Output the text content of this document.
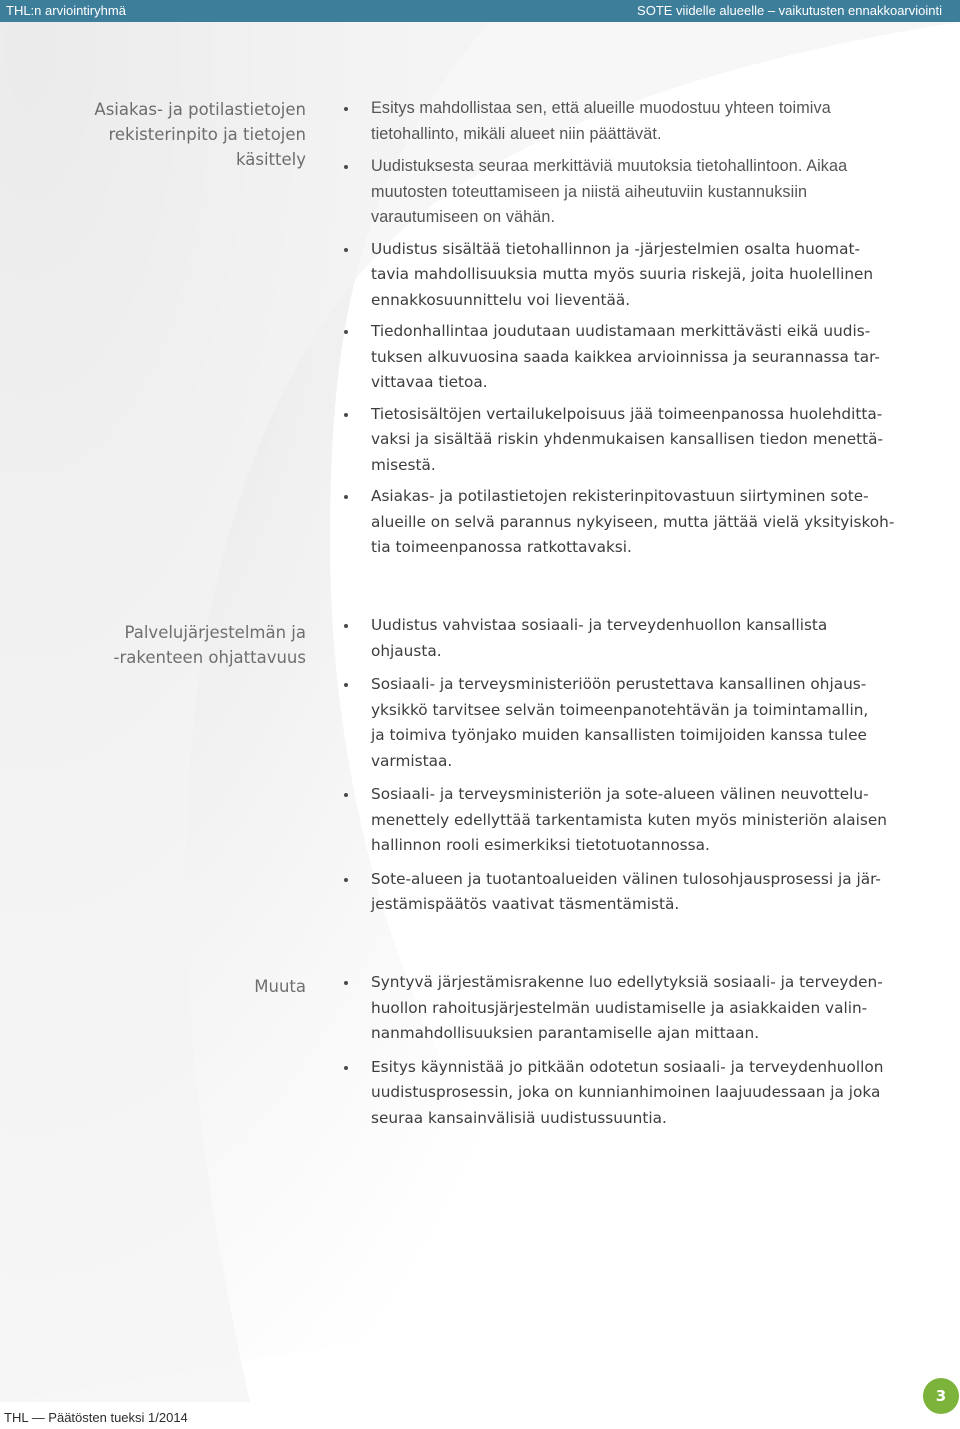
THL:n arviointiryhmä	SOTE viidelle alueelle – vaikutusten ennakkoarviointi
Asiakas- ja potilastietojen
rekisterinpito ja tietojen
käsittely
Esitys mahdollistaa sen, että alueille muodostuu yhteen toimiva
tietohallinto, mikäli alueet niin päättävät.
Uudistuksesta seuraa merkittäviä muutoksia tietohallintoon. Aikaa
muutosten toteuttamiseen ja niistä aiheutuviin kustannuksiin
varautumiseen on vähän.
Uudistus sisältää tietohallinnon ja -järjestelmien osalta huomat-
tavia mahdollisuuksia mutta myös suuria riskejä, joita huolellinen
ennakkosuunnittelu voi lieventää.
Tiedonhallintaa joudutaan uudistamaan merkittävästi eikä uudis-
tuksen alkuvuosina saada kaikkea arvioinnissa ja seurannassa tar-
vittavaa tietoa.
Tietosisältöjen vertailukelpoisuus jää toimeenpanossa huolehditta-
vaksi ja sisältää riskin yhdenmukaisen kansallisen tiedon menettä-
misestä.
Asiakas- ja potilastietojen rekisterinpitovastuun siirtyminen sote-
alueille on selvä parannus nykyiseen, mutta jättää vielä yksityiskoh-
tia toimeenpanossa ratkottavaksi.
Palvelujärjestelmän ja
-rakenteen ohjattavuus
Uudistus vahvistaa sosiaali- ja terveydenhuollon kansallista
ohjausta.
Sosiaali- ja terveysministeriöön perustettava kansallinen ohjaus-
yksikkö tarvitsee selvän toimeenpanotehtävän ja toimintamallin,
ja toimiva työnjako muiden kansallisten toimijoiden kanssa tulee
varmistaa.
Sosiaali- ja terveysministeriön ja sote-alueen välinen neuvottelu-
menettely edellyttää tarkentamista kuten myös ministeriön alaisen
hallinnon rooli esimerkiksi tietotuotannossa.
Sote-alueen ja tuotantoalueiden välinen tulosohjausprosessi ja jär-
jestämispäätös vaativat täsmentämistä.
Muuta	Syntyvä järjestämisrakenne luo edellytyksiä sosiaali- ja terveyden-
huollon rahoitusjärjestelmän uudistamiselle ja asiakkaiden valin-
nanmahdollisuuksien parantamiselle ajan mittaan.
Esitys käynnistää jo pitkään odotetun sosiaali- ja terveydenhuollon
uudistusprosessin, joka on kunnianhimoinen laajuudessaan ja joka
seuraa kansainvälisiä uudistussuuntia.
THL — Päätösten tueksi 1/2014
3
